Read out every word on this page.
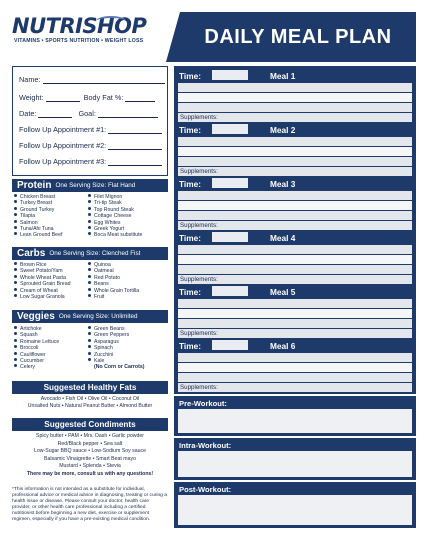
NUTRISHOP
VITAMINS • SPORTS NUTRITION • WEIGHT LOSS	DAILY MEAL PLAN
Name:
Weight:	Body Fat %:
Date:	Goal:
Follow Up Appointment #1:
Follow Up Appointment #2:
Follow Up Appointment #3:
Protein One Serving Size: Flat Hand
Chicken Breast
Turkey Breast
Ground Turkey
Tilapia
Salmon
Tuna/Ahi Tuna
Lean Ground Beef
Filet Mignon
Tri-tip Steak
Top Round Steak
Cottage Cheese
Egg Whites
Greek Yogurt
Boca Meat substitute
Carbs One Serving Size: Clenched Fist
Brown Rice
Sweet Potato/Yam
Whole Wheat Pasta
Sprouted Grain Bread
Cream of Wheat
Low Sugar Granola
Quinoa
Oatmeal
Red Potato
Beans
Whole Grain Tortilla
Fruit
Veggies One Serving Size: Unlimited
Artichoke
Squash
Romaine Lettuce
Broccoli
Cauliflower
Cucumber
Celery
Green Beans
Green Peppers
Asparagus
Spinach
Zucchini
Kale
(No Corn or Carrots)
Suggested Healthy Fats
Avocado • Fish Oil • Olive Oil • Coconut Oil
Unsalted Nuts • Natural Peanut Butter • Almond Butter
Suggested Condiments
Spicy butter • PAM • Mrs. Dash • Garlic powder
Red/Black pepper • Sea salt
Low-Sugar BBQ sauce • Low-Sodium Soy sauce
Balsamic Vinaigrette • Smart Beat mayo
Mustard • Splenda • Stevia
There may be more, consult us with any questions!
*This information is not intended as a substitute for individual, professional advice or medical advice in diagnosing, treating or curing a health issue or disease. Please consult your doctor, health care provider, or other health care professional including a certified nutritionist before beginning a new diet, exercise or supplement regimen, especially if you have a pre-existing medical condition.
Time:	Meal 1
Supplements:
Time:	Meal 2
Supplements:
Time:	Meal 3
Supplements:
Time:	Meal 4
Supplements:
Time:	Meal 5
Supplements:
Time:	Meal 6
Supplements:
Pre-Workout:
Intra-Workout:
Post-Workout:
